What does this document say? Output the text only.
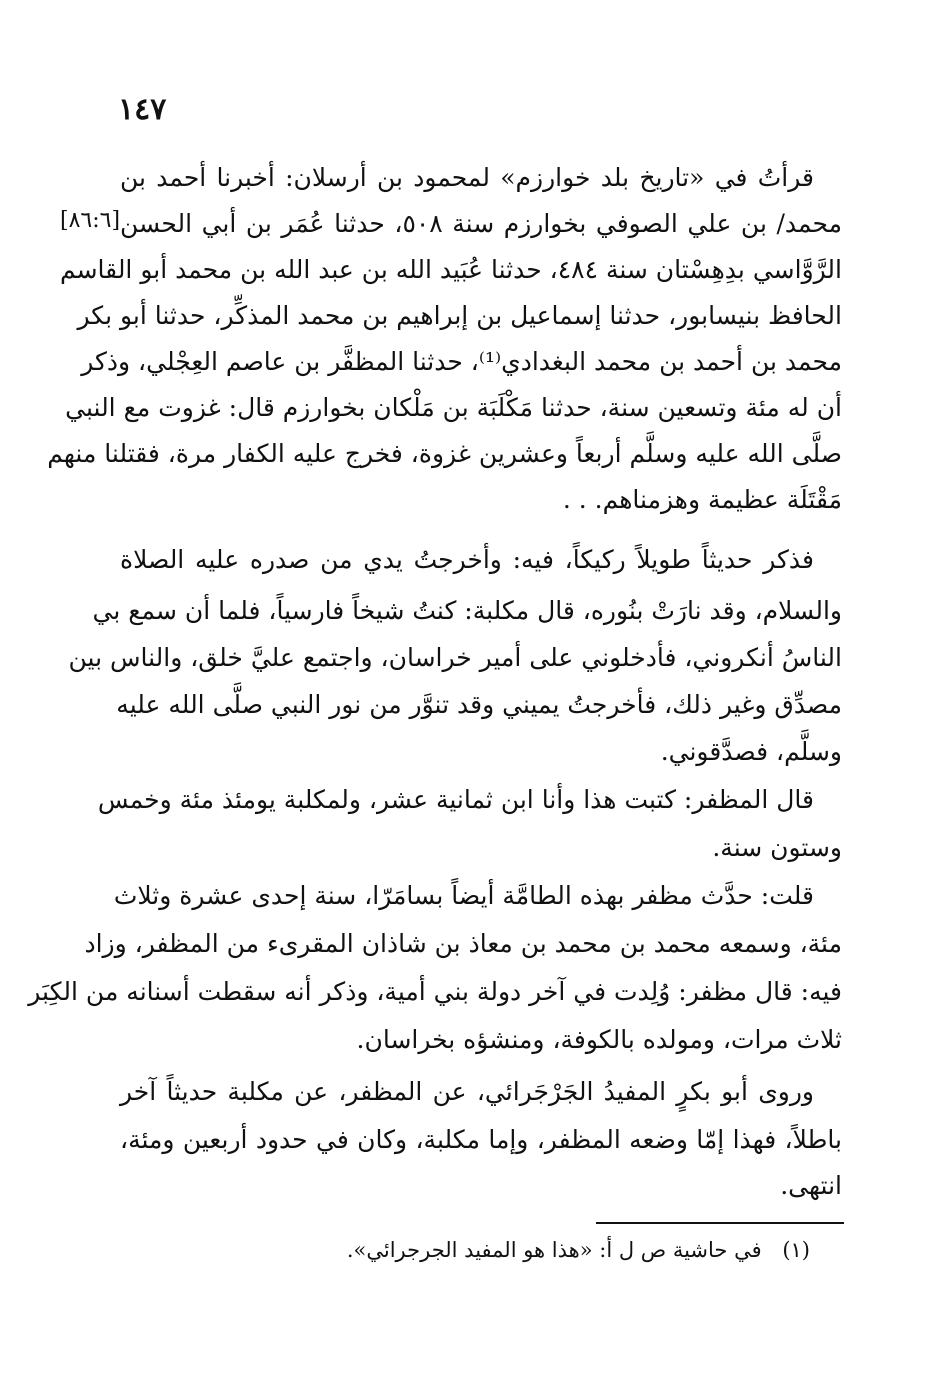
١٤٧
[٨٦:٦]
قرأتُ في «تاريخ بلد خوارزم» لمحمود بن أرسلان: أخبرنا أحمد بن
محمد/ بن علي الصوفي بخوارزم سنة ٥٠٨، حدثنا عُمَر بن أبي الحسن
الرَّوَّاسي بدِهِسْتان سنة ٤٨٤، حدثنا عُبَيد الله بن عبد الله بن محمد أبو القاسم
الحافظ بنيسابور، حدثنا إسماعيل بن إبراهيم بن محمد المذكِّر، حدثنا أبو بكر
محمد بن أحمد بن محمد البغدادي⁽¹⁾، حدثنا المظفَّر بن عاصم العِجْلي، وذكر
أن له مئة وتسعين سنة، حدثنا مَكْلَبَة بن مَلْكان بخوارزم قال: غزوت مع النبي
صلَّى الله عليه وسلَّم أربعاً وعشرين غزوة، فخرج عليه الكفار مرة، فقتلنا منهم
مَقْتَلَة عظيمة وهزمناهم. . .
فذكر حديثاً طويلاً ركيكاً، فيه: وأخرجتُ يدي من صدره عليه الصلاة
والسلام، وقد نارَتْ بنُوره، قال مكلبة: كنتُ شيخاً فارسياً، فلما أن سمع بي
الناسُ أنكروني، فأدخلوني على أمير خراسان، واجتمع عليَّ خلق، والناس بين
مصدِّق وغير ذلك، فأخرجتُ يميني وقد تنوَّر من نور النبي صلَّى الله عليه
وسلَّم، فصدَّقوني.
قال المظفر: كتبت هذا وأنا ابن ثمانية عشر، ولمكلبة يومئذ مئة وخمس
وستون سنة.
قلت: حدَّث مظفر بهذه الطامَّة أيضاً بسامَرّا، سنة إحدى عشرة وثلاث
مئة، وسمعه محمد بن محمد بن معاذ بن شاذان المقرىء من المظفر، وزاد
فيه: قال مظفر: وُلِدت في آخر دولة بني أمية، وذكر أنه سقطت أسنانه من الكِبَر
ثلاث مرات، ومولده بالكوفة، ومنشؤه بخراسان.
وروى أبو بكرٍ المفيدُ الجَرْجَرائي، عن المظفر، عن مكلبة حديثاً آخر
باطلاً، فهذا إمّا وضعه المظفر، وإما مكلبة، وكان في حدود أربعين ومئة،
انتهى.
(١) في حاشية ص ل أ: «هذا هو المفيد الجرجرائي».
